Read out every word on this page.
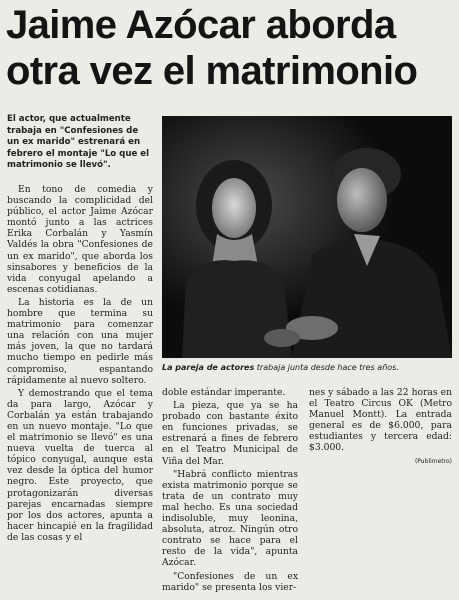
Jaime Azócar aborda
otra vez el matrimonio
El actor, que actualmente trabaja en "Confesiones de un ex marido" estrenará en febrero el montaje "Lo que el matrimonio se llevó".
La pareja de actores trabaja junta desde hace tres años.

En tono de comedia y buscando la complicidad del público, el actor Jaime Azócar montó junto a las actrices Erika Corbalán y Yasmín Valdés la obra "Confesiones de un ex marido", que aborda los sinsabores y beneficios de la vida conyugal apelando a escenas cotidianas.

La historia es la de un hombre que termina su matrimonio para comenzar una relación con una mujer más joven, la que no tardará mucho tiempo en pedirle más compromiso, espantando rápidamente al nuevo soltero.

Y demostrando que el tema da para largo, Azócar y Corbalán ya están trabajando en un nuevo montaje. "Lo que el matrimonio se llevó" es una nueva vuelta de tuerca al tópico conyugal, aunque esta vez desde la óptica del humor negro. Este proyecto, que protagonizarán diversas parejas encarnadas siempre por los dos actores, apunta a hacer hincapié en la fragilidad de las cosas y el

doble estándar imperante.

La pieza, que ya se ha probado con bastante éxito en funciones privadas, se estrenará a fines de febrero en el Teatro Municipal de Viña del Mar.

"Habrá conflicto mientras exista matrimonio porque se trata de un contrato muy mal hecho. Es una sociedad indisoluble, muy leonina, absoluta, atroz. Ningún otro contrato se hace para el resto de la vida", apunta Azócar.

"Confesiones de un ex marido" se presenta los vier-

nes y sábado a las 22 horas en el Teatro Circus OK (Metro Manuel Montt). La entrada general es de $6.000, para estudiantes y tercera edad: $3.000.

(Publimetro)
